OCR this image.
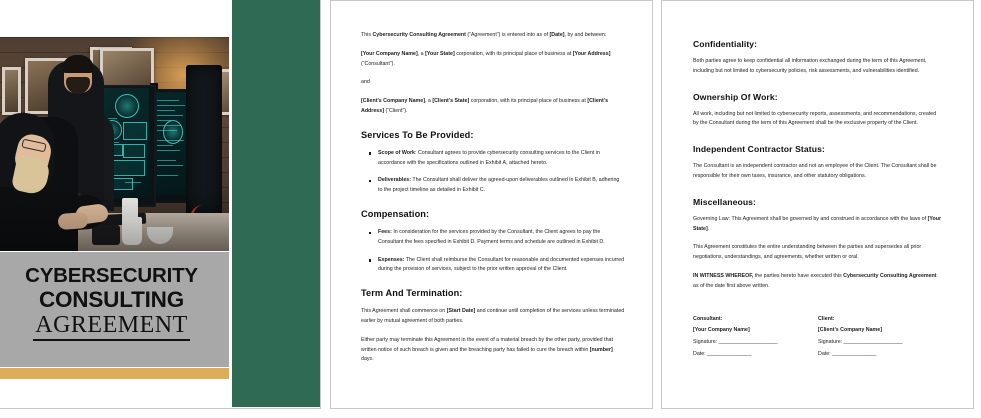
CYBERSECURITY
CONSULTING
AGREEMENT

This Cybersecurity Consulting Agreement (“Agreement”) is entered into as of [Date], by and between:

[Your Company Name], a [Your State] corporation, with its principal place of business at [Your Address] (“Consultant”).

and

[Client’s Company Name], a [Client’s State] corporation, with its principal place of business at [Client’s Address] (“Client”).

Services To Be Provided:
Scope of Work: Consultant agrees to provide cybersecurity consulting services to the Client in accordance with the specifications outlined in Exhibit A, attached hereto.
Deliverables: The Consultant shall deliver the agreed-upon deliverables outlined in Exhibit B, adhering to the project timeline as detailed in Exhibit C.
Compensation:
Fees: In consideration for the services provided by the Consultant, the Client agrees to pay the Consultant the fees specified in Exhibit D. Payment terms and schedule are outlined in Exhibit D.
Expenses: The Client shall reimburse the Consultant for reasonable and documented expenses incurred during the provision of services, subject to the prior written approval of the Client.
Term And Termination:

This Agreement shall commence on [Start Date] and continue until completion of the services unless terminated earlier by mutual agreement of both parties.

Either party may terminate this Agreement in the event of a material breach by the other party, provided that written notice of such breach is given and the breaching party has failed to cure the breach within [number] days.

Confidentiality:

Both parties agree to keep confidential all information exchanged during the term of this Agreement, including but not limited to cybersecurity policies, risk assessments, and vulnerabilities identified.

Ownership Of Work:

All work, including but not limited to cybersecurity reports, assessments, and recommendations, created by the Consultant during the term of this Agreement shall be the exclusive property of the Client.

Independent Contractor Status:

The Consultant is an independent contractor and not an employee of the Client. The Consultant shall be responsible for their own taxes, insurance, and other statutory obligations.

Miscellaneous:

Governing Law: This Agreement shall be governed by and construed in accordance with the laws of [Your State].

This Agreement constitutes the entire understanding between the parties and supersedes all prior negotiations, understandings, and agreements, whether written or oral.

IN WITNESS WHEREOF, the parties hereto have executed this Cybersecurity Consulting Agreement as of the date first above written.

Consultant:
[Your Company Name]
Signature: ____________________
Date: _______________
Client:
[Client’s Company Name]
Signature: ____________________
Date: _______________
